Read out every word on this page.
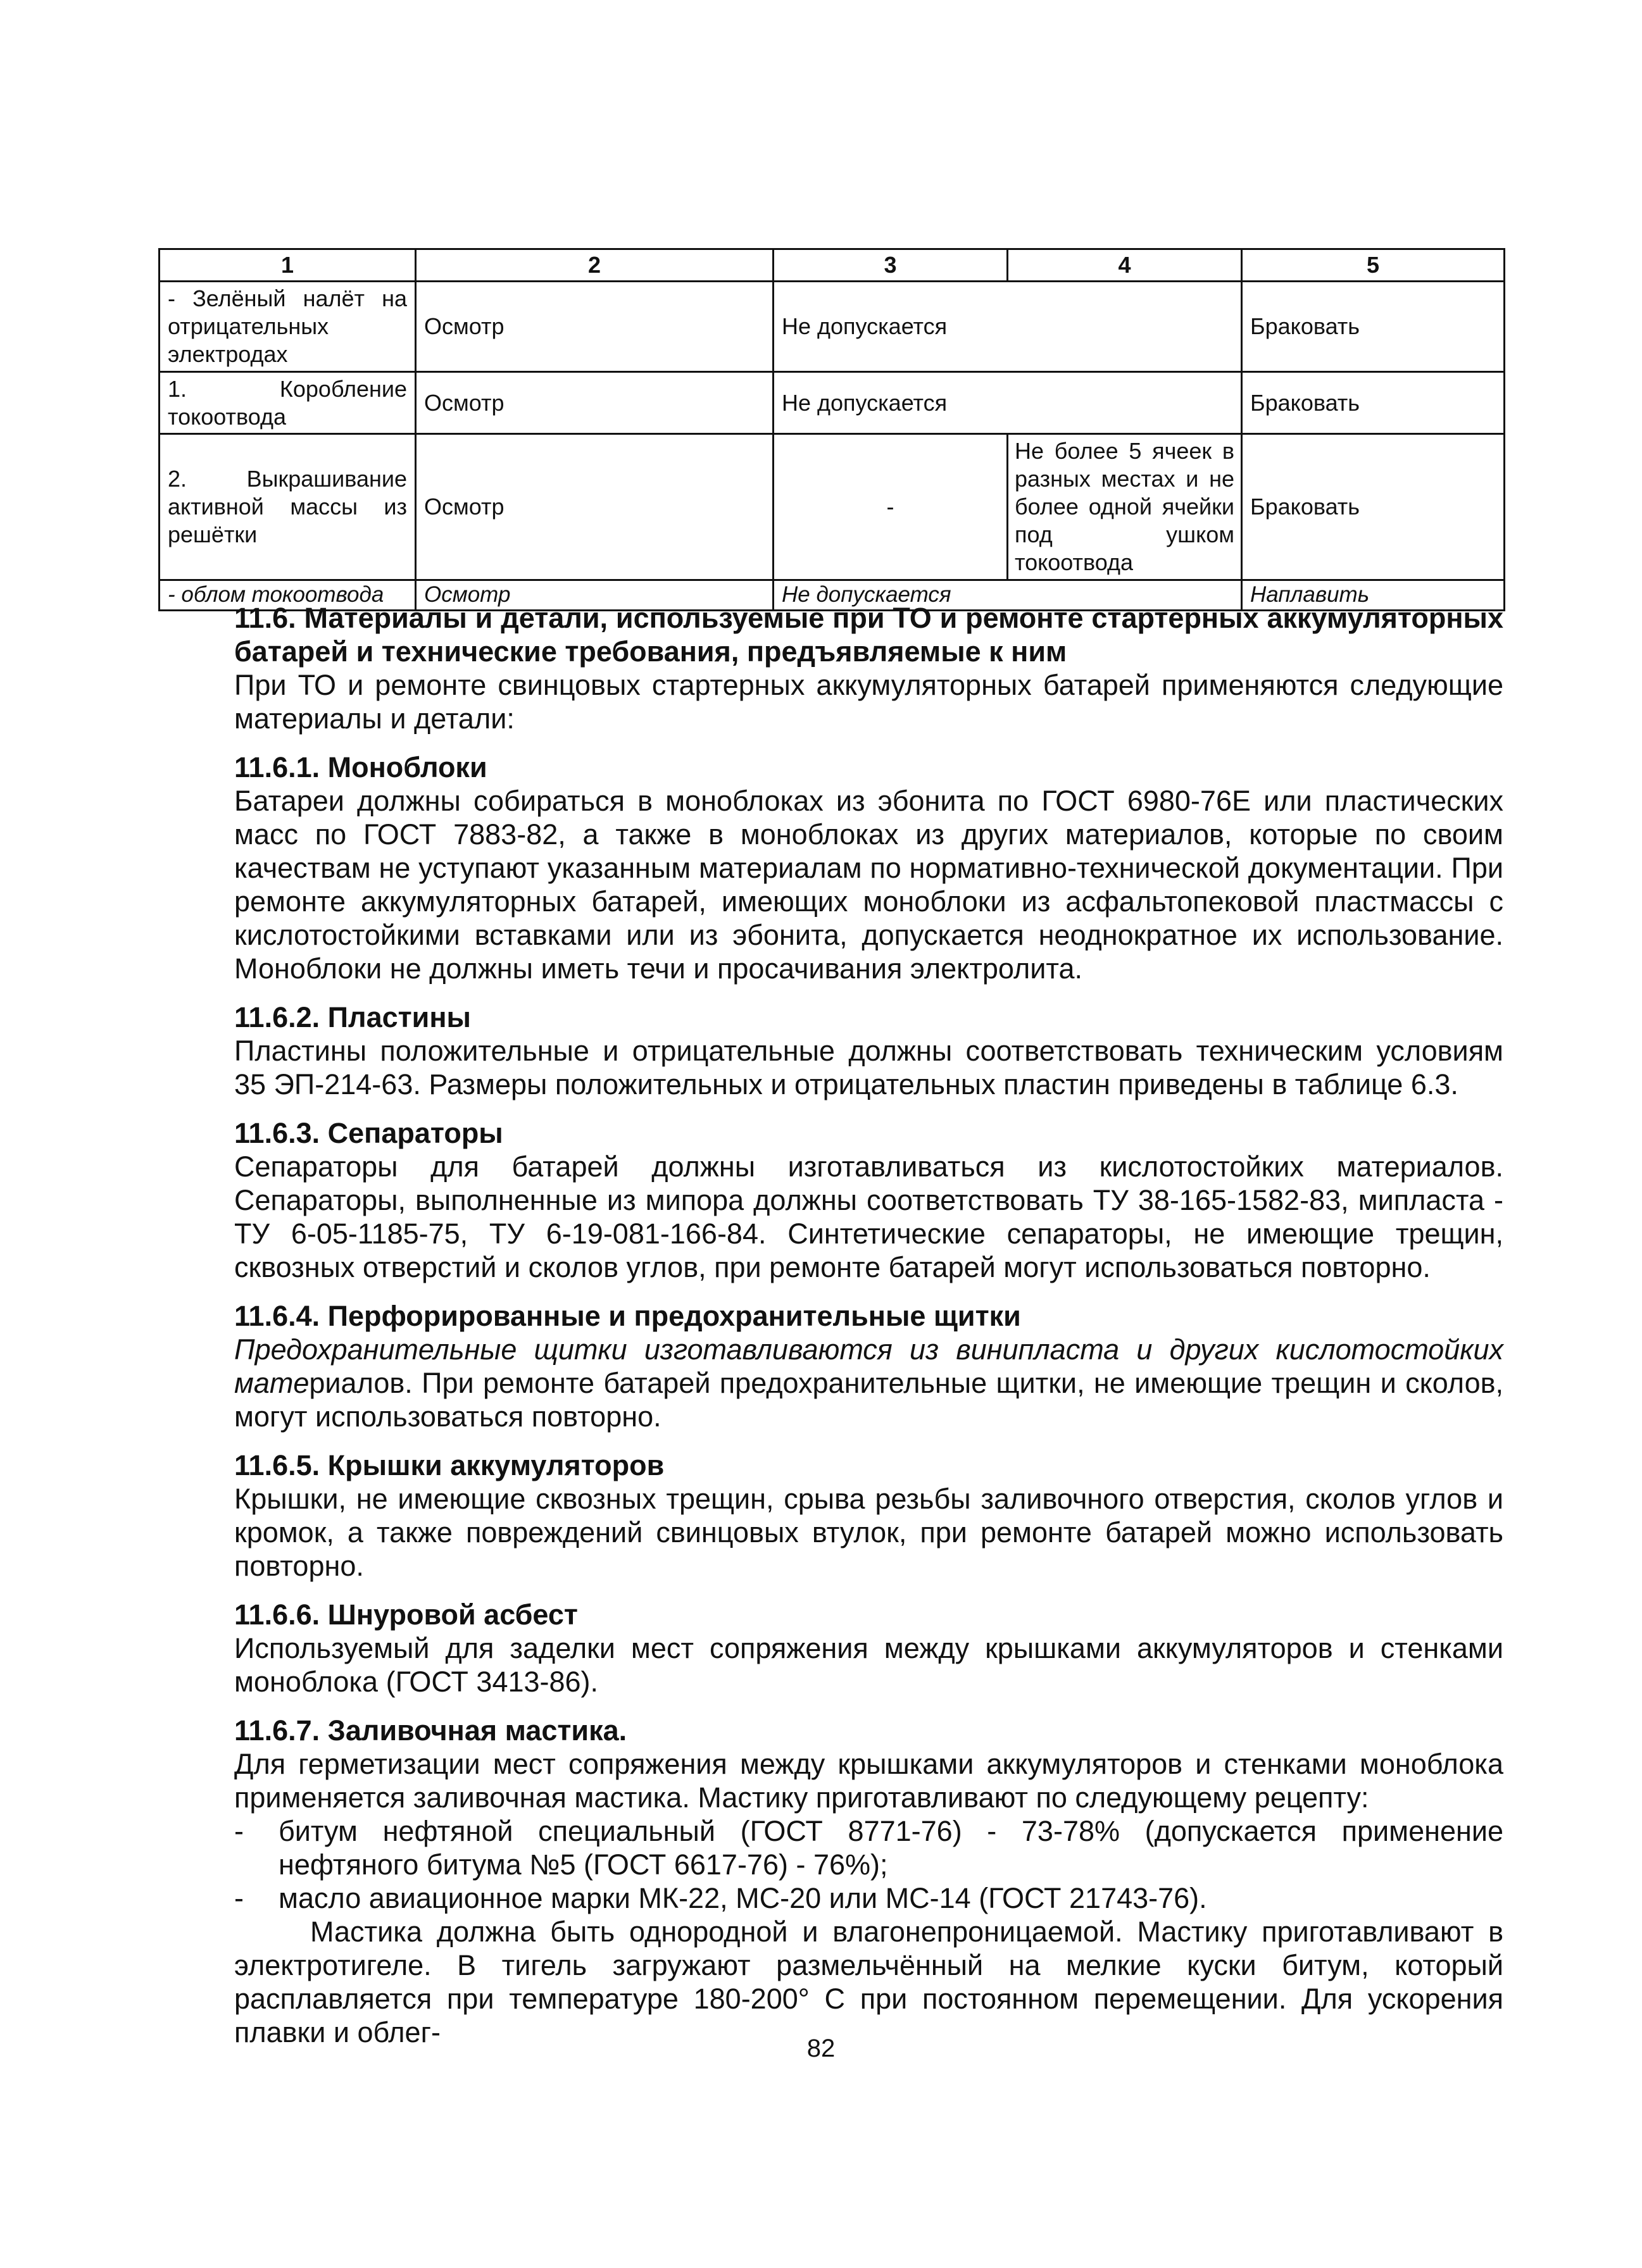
1	2	3	4	5
- Зелёный налёт на отрицательных электродах	Осмотр	Не допускается		Браковать
1. Коробление токоотвода	Осмотр	Не допускается		Браковать
2. Выкрашивание активной массы из решётки	Осмотр	-	Не более 5 ячеек в разных местах и не более одной ячейки под ушком токоотвода	Браковать
- облом токоотвода	Осмотр	Не допускается		Наплавить

11.6. Материалы и детали, используемые при ТО и ремонте стартерных аккумуляторных батарей и технические требования, предъявляемые к ним

При ТО и ремонте свинцовых стартерных аккумуляторных батарей применяются следующие материалы и детали:

11.6.1. Моноблоки

Батареи должны собираться в моноблоках из эбонита по ГОСТ 6980-76Е или пластических масс по ГОСТ 7883-82, а также в моноблоках из других материалов, которые по своим качествам не уступают указанным материалам по нормативно-технической документации. При ремонте аккумуляторных батарей, имеющих моноблоки из асфальтопековой пластмассы с кислотостойкими вставками или из эбонита, допускается неоднократное их использование. Моноблоки не должны иметь течи и просачивания электролита.

11.6.2. Пластины

Пластины положительные и отрицательные должны соответствовать техническим условиям 35 ЭП-214-63. Размеры положительных и отрицательных пластин приведены в таблице 6.3.

11.6.3. Сепараторы

Сепараторы для батарей должны изготавливаться из кислотостойких материалов. Сепараторы, выполненные из мипора должны соответствовать ТУ 38-165-1582-83, мипласта - ТУ 6-05-1185-75, ТУ 6-19-081-166-84. Синтетические сепараторы, не имеющие трещин, сквозных отверстий и сколов углов, при ремонте батарей могут использоваться повторно.

11.6.4. Перфорированные и предохранительные щитки

Предохранительные щитки изготавливаются из винипласта и других кислотостойких материалов. При ремонте батарей предохранительные щитки, не имеющие трещин и сколов, могут использоваться повторно.

11.6.5. Крышки аккумуляторов

Крышки, не имеющие сквозных трещин, срыва резьбы заливочного отверстия, сколов углов и кромок, а также повреждений свинцовых втулок, при ремонте батарей можно использовать повторно.

11.6.6. Шнуровой асбест

Используемый для заделки мест сопряжения между крышками аккумуляторов и стенками моноблока (ГОСТ 3413-86).

11.6.7. Заливочная мастика.

Для герметизации мест сопряжения между крышками аккумуляторов и стенками моноблока применяется заливочная мастика. Мастику приготавливают по следующему рецепту:

- битум нефтяной специальный (ГОСТ 8771-76) - 73-78% (допускается применение нефтяного битума №5 (ГОСТ 6617-76) - 76%);

- масло авиационное марки МК-22, МС-20 или МС-14 (ГОСТ 21743-76).

Мастика должна быть однородной и влагонепроницаемой. Мастику приготавливают в электротигеле. В тигель загружают размельчённый на мелкие куски битум, который расплавляется при температуре 180-200° С при постоянном перемещении. Для ускорения плавки и облег-	82
